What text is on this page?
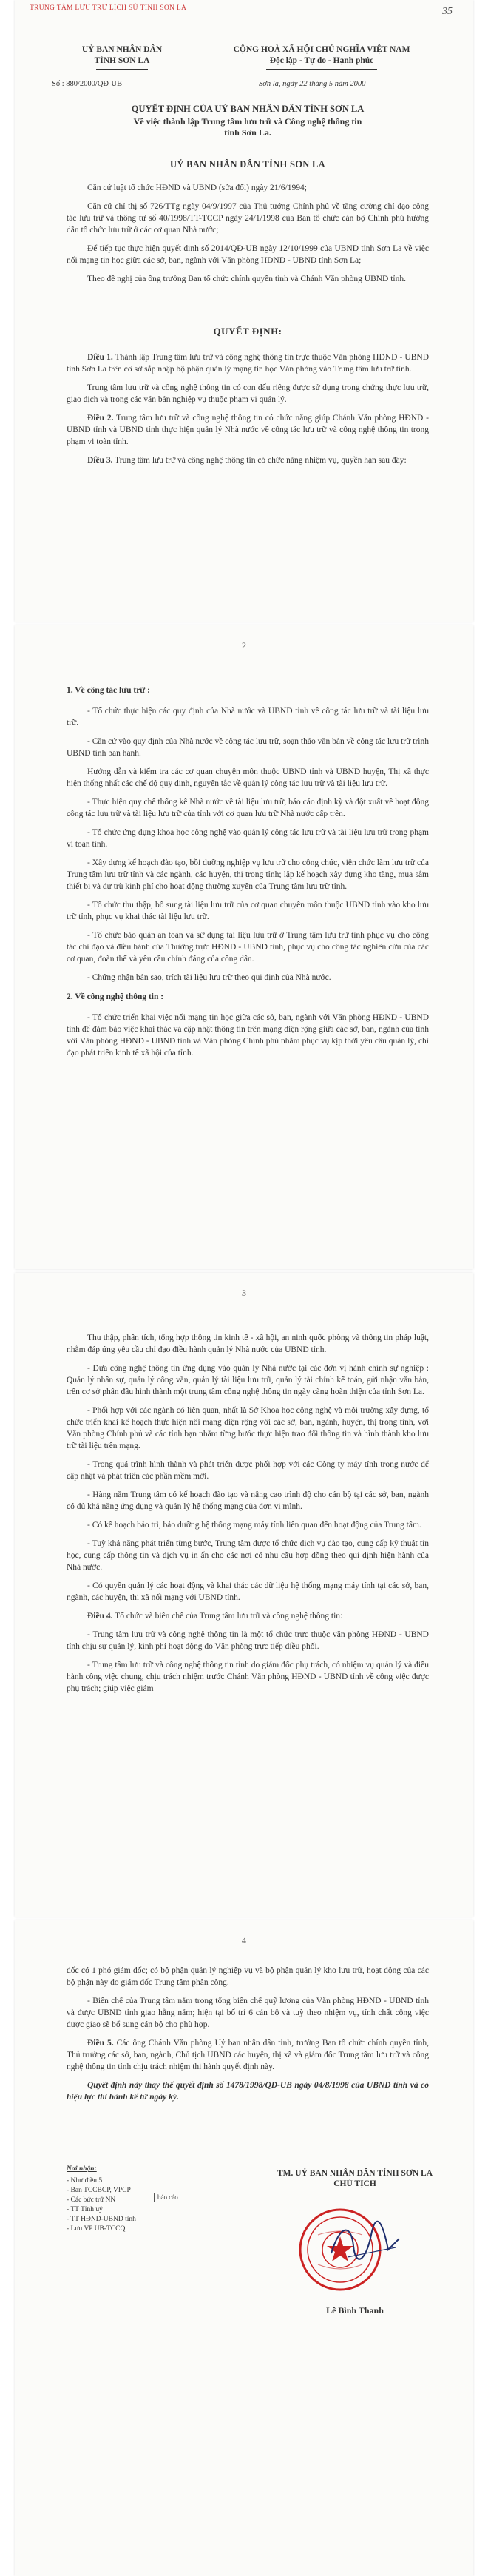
TRUNG TÂM LƯU TRỮ LỊCH SỬ TỈNH SƠN LA	35
UỶ BAN NHÂN DÂN
TỈNH SƠN LA
CỘNG HOÀ XÃ HỘI CHỦ NGHĨA VIỆT NAM
Độc lập - Tự do - Hạnh phúc
Số : 880/2000/QĐ-UB	Sơn la, ngày 22 tháng 5 năm 2000
QUYẾT ĐỊNH CỦA UỶ BAN NHÂN DÂN TỈNH SƠN LA
Về việc thành lập Trung tâm lưu trữ và Công nghệ thông tin tỉnh Sơn La.
UỶ BAN NHÂN DÂN TỈNH SƠN LA

Căn cứ luật tổ chức HĐND và UBND (sửa đổi) ngày 21/6/1994;

Căn cứ chỉ thị số 726/TTg ngày 04/9/1997 của Thủ tướng Chính phủ về tăng cường chỉ đạo công tác lưu trữ và thông tư số 40/1998/TT-TCCP ngày 24/1/1998 của Ban tổ chức cán bộ Chính phủ hướng dẫn tổ chức lưu trữ ở các cơ quan Nhà nước;

Để tiếp tục thực hiện quyết định số 2014/QĐ-UB ngày 12/10/1999 của UBND tỉnh Sơn La về việc nối mạng tin học giữa các sở, ban, ngành với Văn phòng HĐND - UBND tỉnh Sơn La;

Theo đề nghị của ông trưởng Ban tổ chức chính quyền tỉnh và Chánh Văn phòng UBND tỉnh.

QUYẾT ĐỊNH:

Điều 1. Thành lập Trung tâm lưu trữ và công nghệ thông tin trực thuộc Văn phòng HĐND - UBND tỉnh Sơn La trên cơ sở sắp nhập bộ phận quản lý mạng tin học Văn phòng vào Trung tâm lưu trữ tỉnh.

Trung tâm lưu trữ và công nghệ thông tin có con dấu riêng được sử dụng trong chứng thực lưu trữ, giao dịch và trong các văn bản nghiệp vụ thuộc phạm vi quản lý.

Điều 2. Trung tâm lưu trữ và công nghệ thông tin có chức năng giúp Chánh Văn phòng HĐND - UBND tỉnh và UBND tỉnh thực hiện quản lý Nhà nước về công tác lưu trữ và công nghệ thông tin trong phạm vi toàn tỉnh.

Điều 3. Trung tâm lưu trữ và công nghệ thông tin có chức năng nhiệm vụ, quyền hạn sau đây:

2

1. Về công tác lưu trữ :

- Tổ chức thực hiện các quy định của Nhà nước và UBND tỉnh về công tác lưu trữ và tài liệu lưu trữ.

- Căn cứ vào quy định của Nhà nước về công tác lưu trữ, soạn thảo văn bản về công tác lưu trữ trình UBND tỉnh ban hành.

Hướng dẫn và kiểm tra các cơ quan chuyên môn thuộc UBND tỉnh và UBND huyện, Thị xã thực hiện thống nhất các chế độ quy định, nguyên tắc về quản lý công tác lưu trữ và tài liệu lưu trữ.

- Thực hiện quy chế thống kê Nhà nước về tài liệu lưu trữ, báo cáo định kỳ và đột xuất về hoạt động công tác lưu trữ và tài liệu lưu trữ của tỉnh với cơ quan lưu trữ Nhà nước cấp trên.

- Tổ chức ứng dụng khoa học công nghệ vào quản lý công tác lưu trữ và tài liệu lưu trữ trong phạm vi toàn tỉnh.

- Xây dựng kế hoạch đào tạo, bồi dưỡng nghiệp vụ lưu trữ cho công chức, viên chức làm lưu trữ của Trung tâm lưu trữ tỉnh và các ngành, các huyện, thị trong tỉnh; lập kế hoạch xây dựng kho tàng, mua sắm thiết bị và dự trù kinh phí cho hoạt động thường xuyên của Trung tâm lưu trữ tỉnh.

- Tổ chức thu thập, bổ sung tài liệu lưu trữ của cơ quan chuyên môn thuộc UBND tỉnh vào kho lưu trữ tỉnh, phục vụ khai thác tài liệu lưu trữ.

- Tổ chức bảo quản an toàn và sử dụng tài liệu lưu trữ ở Trung tâm lưu trữ tỉnh phục vụ cho công tác chỉ đạo và điều hành của Thường trực HĐND - UBND tỉnh, phục vụ cho công tác nghiên cứu của các cơ quan, đoàn thể và yêu cầu chính đáng của công dân.

- Chứng nhận bản sao, trích tài liệu lưu trữ theo qui định của Nhà nước.

2. Về công nghệ thông tin :

- Tổ chức triển khai việc nối mạng tin học giữa các sở, ban, ngành với Văn phòng HĐND - UBND tỉnh để đảm bảo việc khai thác và cập nhật thông tin trên mạng diện rộng giữa các sở, ban, ngành của tỉnh với Văn phòng HĐND - UBND tỉnh và Văn phòng Chính phủ nhằm phục vụ kịp thời yêu cầu quản lý, chỉ đạo phát triển kinh tế xã hội của tỉnh.

3

Thu thập, phân tích, tổng hợp thông tin kinh tế - xã hội, an ninh quốc phòng và thông tin pháp luật, nhằm đáp ứng yêu cầu chỉ đạo điều hành quản lý Nhà nước của UBND tỉnh.

- Đưa công nghệ thông tin ứng dụng vào quản lý Nhà nước tại các đơn vị hành chính sự nghiệp : Quản lý nhân sự, quản lý công văn, quản lý tài liệu lưu trữ, quản lý tài chính kế toán, gửi nhận văn bản, trên cơ sở phân đầu hình thành một trung tâm công nghệ thông tin ngày càng hoàn thiện của tỉnh Sơn La.

- Phối hợp với các ngành có liên quan, nhất là Sở Khoa học công nghệ và môi trường xây dựng, tổ chức triển khai kế hoạch thực hiện nối mạng diện rộng với các sở, ban, ngành, huyện, thị trong tỉnh, với Văn phòng Chính phủ và các tỉnh bạn nhằm từng bước thực hiện trao đổi thông tin và hình thành kho lưu trữ tài liệu trên mạng.

- Trong quá trình hình thành và phát triển được phối hợp với các Công ty máy tính trong nước để cập nhật và phát triển các phần mềm mới.

- Hàng năm Trung tâm có kế hoạch đào tạo và nâng cao trình độ cho cán bộ tại các sở, ban, ngành có đủ khả năng ứng dụng và quản lý hệ thống mạng của đơn vị mình.

- Có kế hoạch bảo trì, bảo dưỡng hệ thống mạng máy tính liên quan đến hoạt động của Trung tâm.

- Tuỳ khả năng phát triển từng bước, Trung tâm được tổ chức dịch vụ đào tạo, cung cấp kỹ thuật tin học, cung cấp thông tin và dịch vụ in ấn cho các nơi có nhu cầu hợp đồng theo qui định hiện hành của Nhà nước.

- Có quyền quản lý các hoạt động và khai thác các dữ liệu hệ thống mạng máy tính tại các sở, ban, ngành, các huyện, thị xã nối mạng với UBND tỉnh.

Điều 4. Tổ chức và biên chế của Trung tâm lưu trữ và công nghệ thông tin:

- Trung tâm lưu trữ và công nghệ thông tin là một tổ chức trực thuộc văn phòng HĐND - UBND tỉnh chịu sự quản lý, kinh phí hoạt động do Văn phòng trực tiếp điều phối.

- Trung tâm lưu trữ và công nghệ thông tin tỉnh do giám đốc phụ trách, có nhiệm vụ quản lý và điều hành công việc chung, chịu trách nhiệm trước Chánh Văn phòng HĐND - UBND tỉnh về công việc được phụ trách; giúp việc giám

4

đốc có 1 phó giám đốc; có bộ phận quản lý nghiệp vụ và bộ phận quản lý kho lưu trữ, hoạt động của các bộ phận này do giám đốc Trung tâm phân công.

- Biên chế của Trung tâm nằm trong tổng biên chế quỹ lương của Văn phòng HĐND - UBND tỉnh và được UBND tỉnh giao hằng năm; hiện tại bố trí 6 cán bộ và tuỳ theo nhiệm vụ, tính chất công việc được giao sẽ bổ sung cán bộ cho phù hợp.

Điều 5. Các ông Chánh Văn phòng Uỷ ban nhân dân tỉnh, trưởng Ban tổ chức chính quyền tỉnh, Thủ trưởng các sở, ban, ngành, Chủ tịch UBND các huyện, thị xã và giám đốc Trung tâm lưu trữ và công nghệ thông tin tỉnh chịu trách nhiệm thi hành quyết định này.

Quyết định này thay thế quyết định số 1478/1998/QĐ-UB ngày 04/8/1998 của UBND tỉnh và có hiệu lực thi hành kể từ ngày ký.

Nơi nhận:
- Như điều 5
- Ban TCCBCP, VPCP
- Các bức trữ NN
- TT Tỉnh uỷ
- TT HĐND-UBND tỉnh
- Lưu VP UB-TCCQ
báo cáo
TM. UỶ BAN NHÂN DÂN TỈNH SƠN LA
CHỦ TỊCH
Lê Bình Thanh
